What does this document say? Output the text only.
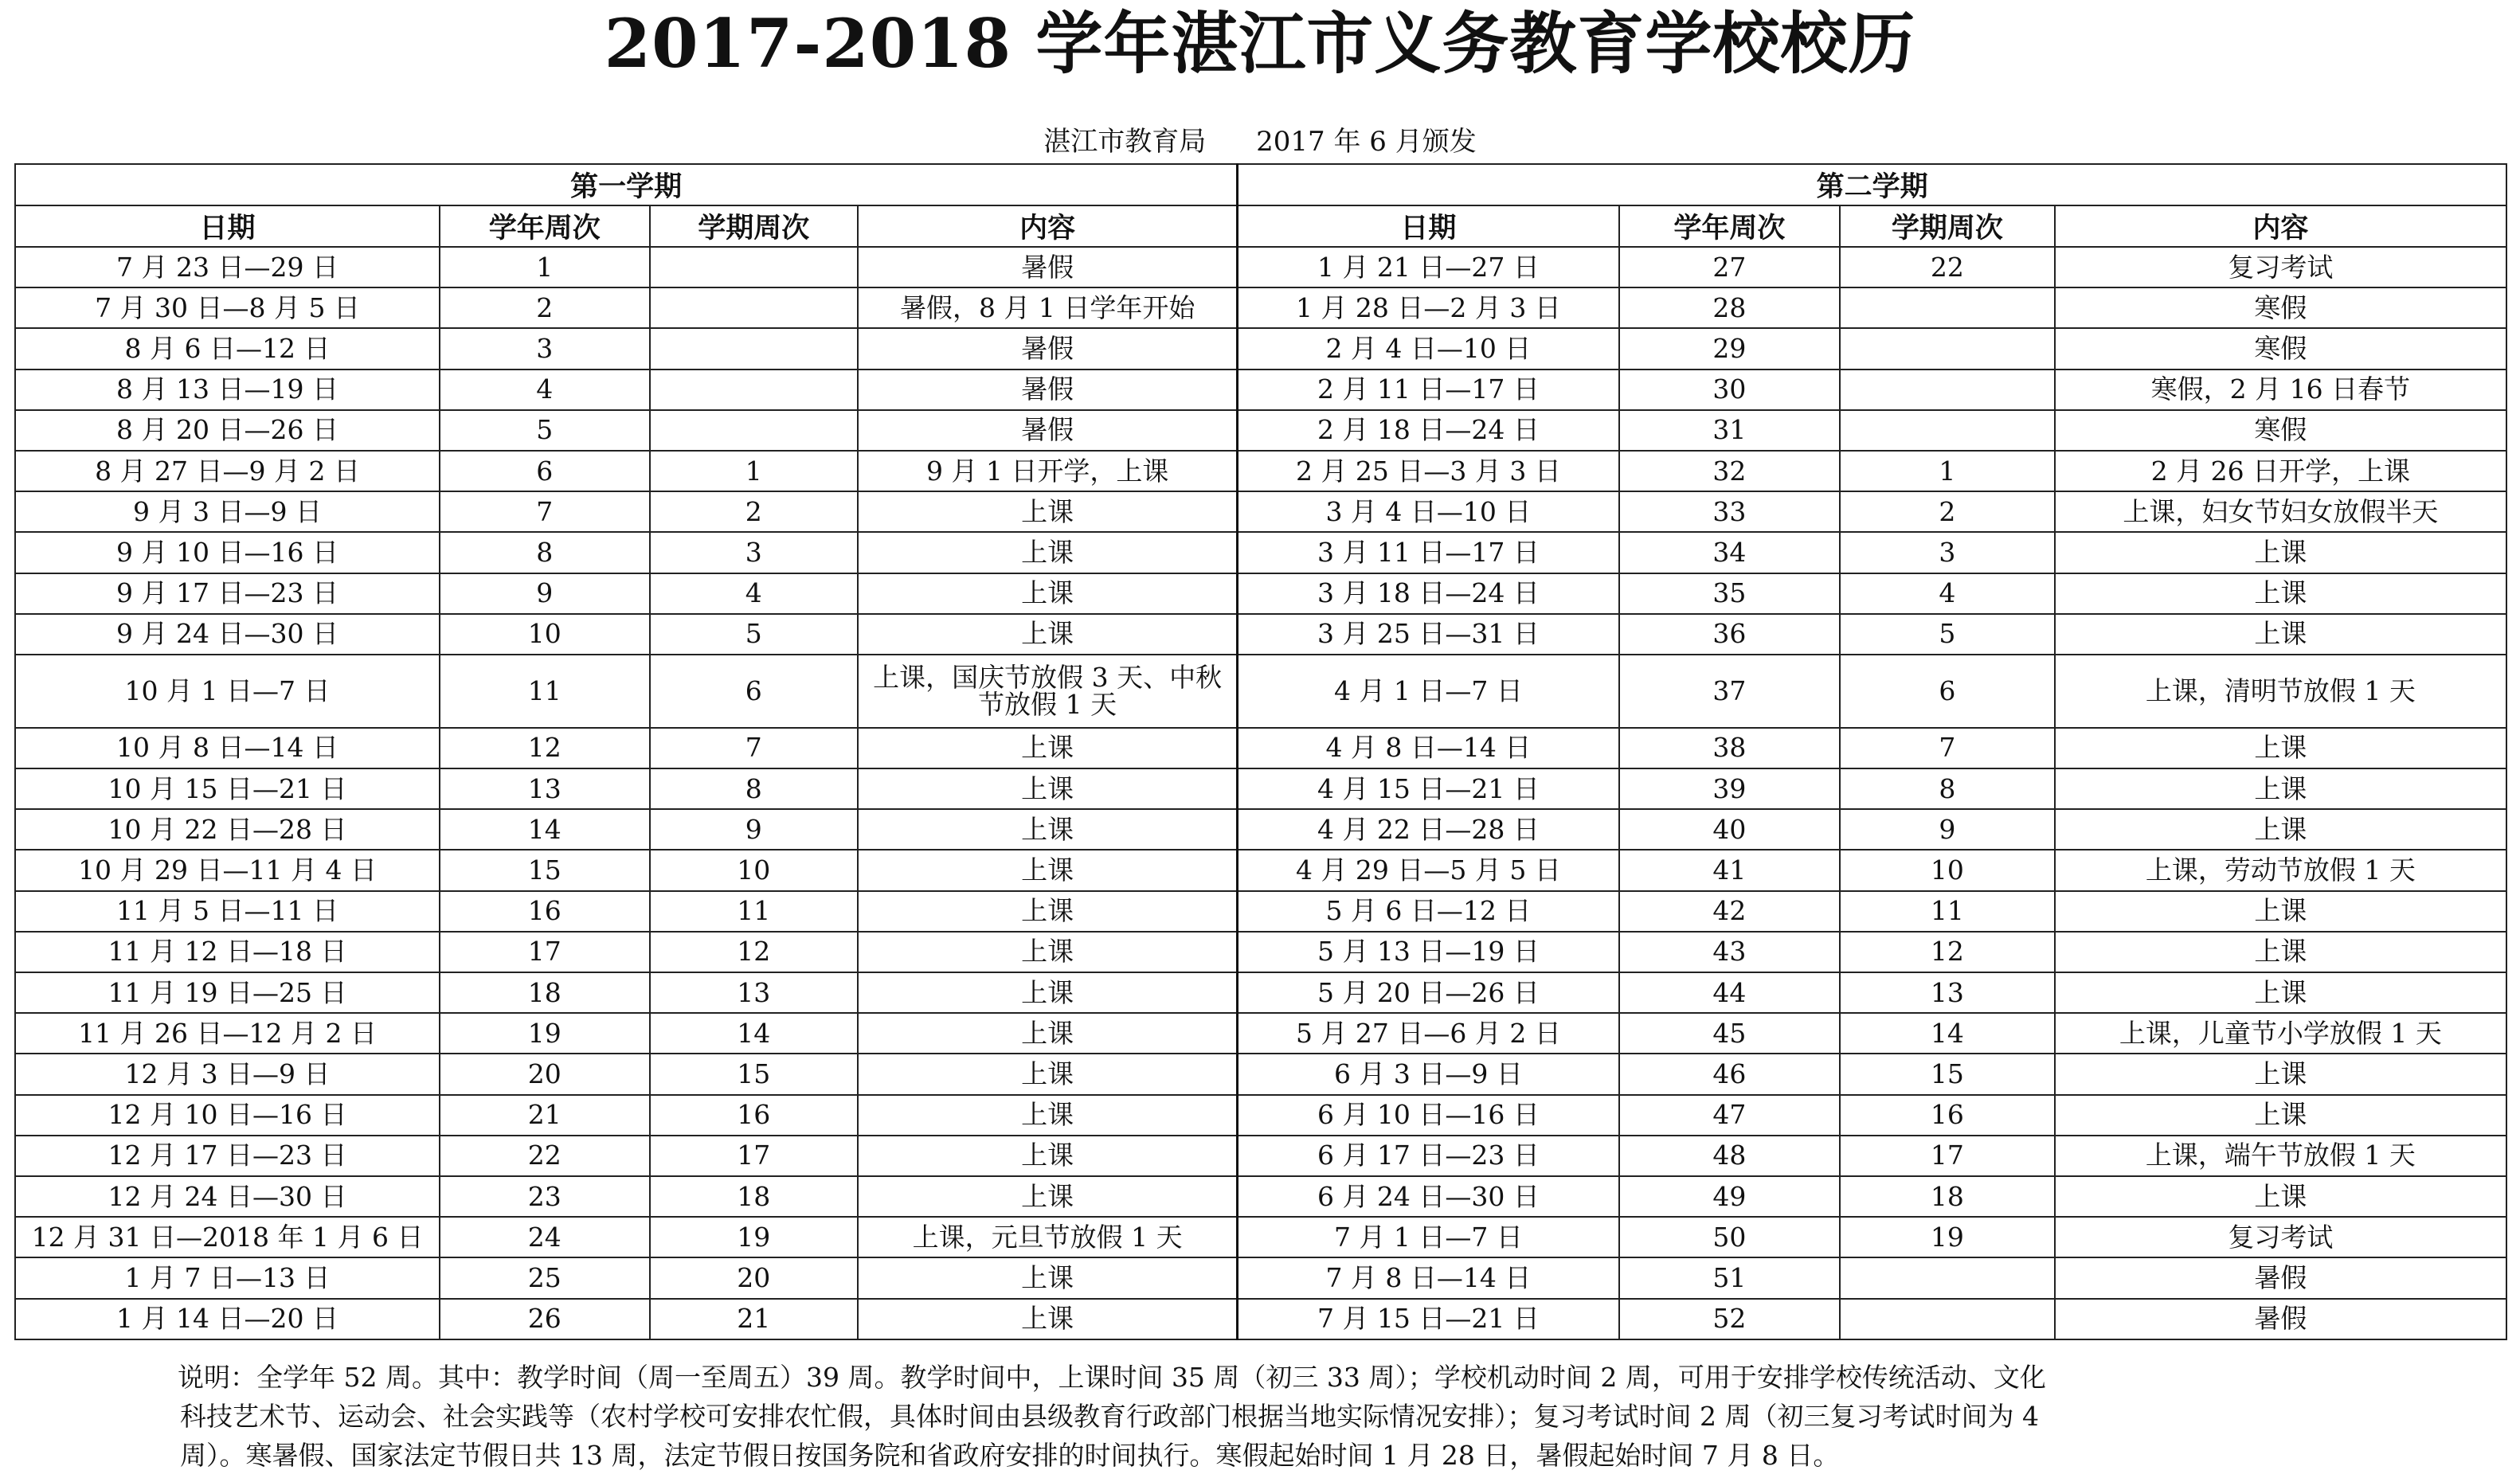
2017-2018 学年湛江市义务教育学校校历
湛江市教育局 2017 年 6 月颁发
第一学期				第二学期			
日期	学年周次	学期周次	内容	日期	学年周次	学期周次	内容
7 月 23 日—29 日	1		暑假	1 月 21 日—27 日	27	22	复习考试
7 月 30 日—8 月 5 日	2		暑假，8 月 1 日学年开始	1 月 28 日—2 月 3 日	28		寒假
8 月 6 日—12 日	3		暑假	2 月 4 日—10 日	29		寒假
8 月 13 日—19 日	4		暑假	2 月 11 日—17 日	30		寒假，2 月 16 日春节
8 月 20 日—26 日	5		暑假	2 月 18 日—24 日	31		寒假
8 月 27 日—9 月 2 日	6	1	9 月 1 日开学，上课	2 月 25 日—3 月 3 日	32	1	2 月 26 日开学，上课
9 月 3 日—9 日	7	2	上课	3 月 4 日—10 日	33	2	上课，妇女节妇女放假半天
9 月 10 日—16 日	8	3	上课	3 月 11 日—17 日	34	3	上课
9 月 17 日—23 日	9	4	上课	3 月 18 日—24 日	35	4	上课
9 月 24 日—30 日	10	5	上课	3 月 25 日—31 日	36	5	上课
10 月 1 日—7 日	11	6	上课，国庆节放假 3 天、中秋节放假 1 天	4 月 1 日—7 日	37	6	上课，清明节放假 1 天
10 月 8 日—14 日	12	7	上课	4 月 8 日—14 日	38	7	上课
10 月 15 日—21 日	13	8	上课	4 月 15 日—21 日	39	8	上课
10 月 22 日—28 日	14	9	上课	4 月 22 日—28 日	40	9	上课
10 月 29 日—11 月 4 日	15	10	上课	4 月 29 日—5 月 5 日	41	10	上课，劳动节放假 1 天
11 月 5 日—11 日	16	11	上课	5 月 6 日—12 日	42	11	上课
11 月 12 日—18 日	17	12	上课	5 月 13 日—19 日	43	12	上课
11 月 19 日—25 日	18	13	上课	5 月 20 日—26 日	44	13	上课
11 月 26 日—12 月 2 日	19	14	上课	5 月 27 日—6 月 2 日	45	14	上课，儿童节小学放假 1 天
12 月 3 日—9 日	20	15	上课	6 月 3 日—9 日	46	15	上课
12 月 10 日—16 日	21	16	上课	6 月 10 日—16 日	47	16	上课
12 月 17 日—23 日	22	17	上课	6 月 17 日—23 日	48	17	上课，端午节放假 1 天
12 月 24 日—30 日	23	18	上课	6 月 24 日—30 日	49	18	上课
12 月 31 日—2018 年 1 月 6 日	24	19	上课，元旦节放假 1 天	7 月 1 日—7 日	50	19	复习考试
1 月 7 日—13 日	25	20	上课	7 月 8 日—14 日	51		暑假
1 月 14 日—20 日	26	21	上课	7 月 15 日—21 日	52		暑假
说明：全学年 52 周。其中：教学时间（周一至周五）39 周。教学时间中，上课时间 35 周（初三 33 周）；学校机动时间 2 周，可用于安排学校传统活动、文化
科技艺术节、运动会、社会实践等（农村学校可安排农忙假，具体时间由县级教育行政部门根据当地实际情况安排）；复习考试时间 2 周（初三复习考试时间为 4
周）。寒暑假、国家法定节假日共 13 周，法定节假日按国务院和省政府安排的时间执行。寒假起始时间 1 月 28 日，暑假起始时间 7 月 8 日。
